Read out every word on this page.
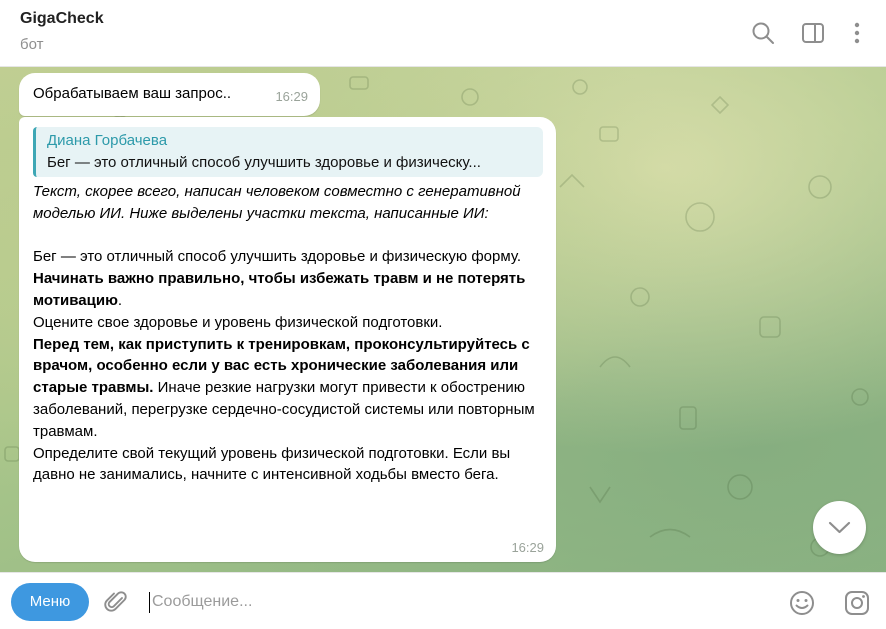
GigaCheck
бот
Обрабатываем ваш запрос..	16:29
Диана Горбачева
Бег — это отличный способ улучшить здоровье и физическу...
Текст, скорее всего, написан человеком совместно с генеративной моделью ИИ. Ниже выделены участки текста, написанные ИИ:
Бег — это отличный способ улучшить здоровье и физическую форму. Начинать важно правильно, чтобы избежать травм и не потерять мотивацию.
Оцените свое здоровье и уровень физической подготовки.
Перед тем, как приступить к тренировкам, проконсультируйтесь с врачом, особенно если у вас есть хронические заболевания или старые травмы. Иначе резкие нагрузки могут привести к обострению заболеваний, перегрузке сердечно-сосудистой системы или повторным травмам.
Определите свой текущий уровень физической подготовки. Если вы давно не занимались, начните с интенсивной ходьбы вместо бега.
16:29
Меню
Сообщение...
